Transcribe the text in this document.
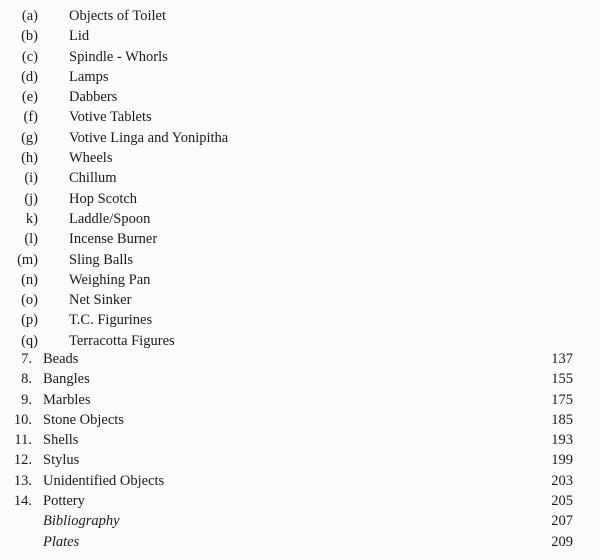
(a) Objects of Toilet
(b) Lid
(c) Spindle - Whorls
(d) Lamps
(e) Dabbers
(f) Votive Tablets
(g) Votive Linga and Yonipitha
(h) Wheels
(i) Chillum
(j) Hop Scotch
k) Laddle/Spoon
(l) Incense Burner
(m) Sling Balls
(n) Weighing Pan
(o) Net Sinker
(p) T.C. Figurines
(q) Terracotta Figures
7. Beads	137
8. Bangles	155
9. Marbles	175
10. Stone Objects	185
11. Shells	193
12. Stylus	199
13. Unidentified Objects	203
14. Pottery	205
Bibliography	207
Plates	209
